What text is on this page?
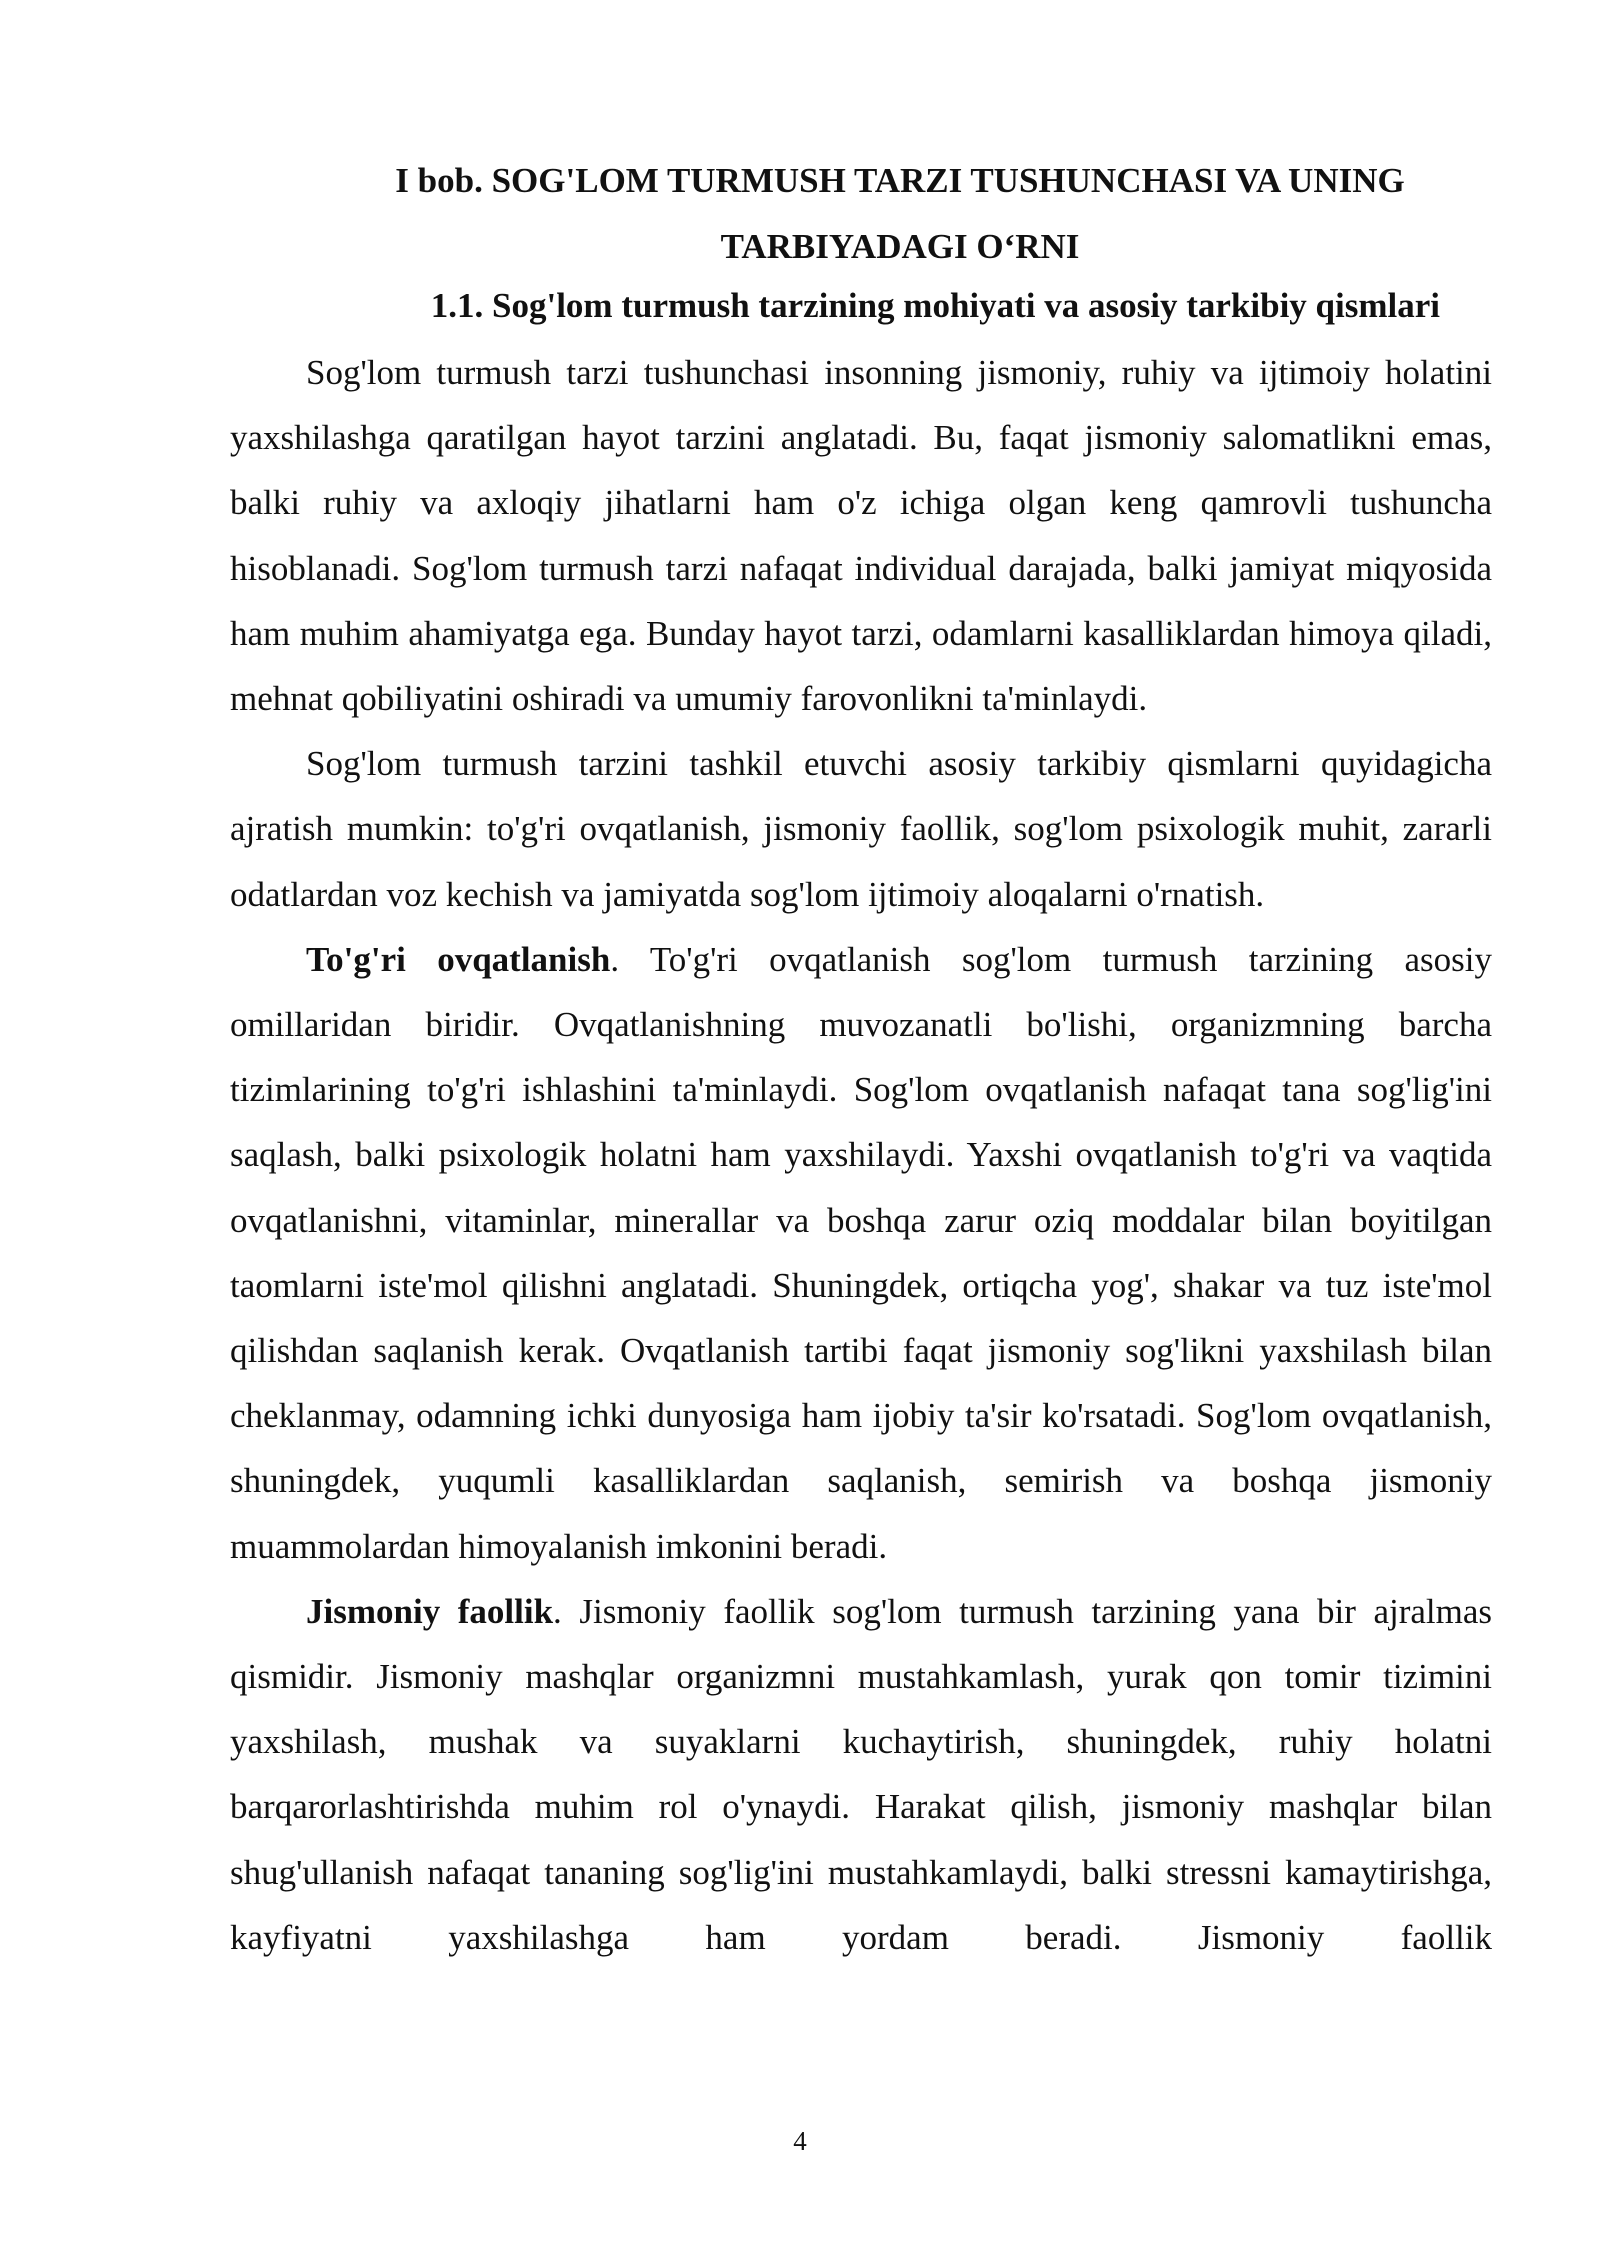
I bob. SOG'LOM TURMUSH TARZI TUSHUNCHASI VA UNING
TARBIYADAGI O‘RNI
1.1. Sog'lom turmush tarzining mohiyati va asosiy tarkibiy qismlari

Sog'lom turmush tarzi tushunchasi insonning jismoniy, ruhiy va ijtimoiy holatini yaxshilashga qaratilgan hayot tarzini anglatadi. Bu, faqat jismoniy salomatlikni emas, balki ruhiy va axloqiy jihatlarni ham o'z ichiga olgan keng qamrovli tushuncha hisoblanadi. Sog'lom turmush tarzi nafaqat individual darajada, balki jamiyat miqyosida ham muhim ahamiyatga ega. Bunday hayot tarzi, odamlarni kasalliklardan himoya qiladi, mehnat qobiliyatini oshiradi va umumiy farovonlikni ta'minlaydi.

Sog'lom turmush tarzini tashkil etuvchi asosiy tarkibiy qismlarni quyidagicha ajratish mumkin: to'g'ri ovqatlanish, jismoniy faollik, sog'lom psixologik muhit, zararli odatlardan voz kechish va jamiyatda sog'lom ijtimoiy aloqalarni o'rnatish.

To'g'ri ovqatlanish. To'g'ri ovqatlanish sog'lom turmush tarzining asosiy omillaridan biridir. Ovqatlanishning muvozanatli bo'lishi, organizmning barcha tizimlarining to'g'ri ishlashini ta'minlaydi. Sog'lom ovqatlanish nafaqat tana sog'lig'ini saqlash, balki psixologik holatni ham yaxshilaydi. Yaxshi ovqatlanish to'g'ri va vaqtida ovqatlanishni, vitaminlar, minerallar va boshqa zarur oziq moddalar bilan boyitilgan taomlarni iste'mol qilishni anglatadi. Shuningdek, ortiqcha yog', shakar va tuz iste'mol qilishdan saqlanish kerak. Ovqatlanish tartibi faqat jismoniy sog'likni yaxshilash bilan cheklanmay, odamning ichki dunyosiga ham ijobiy ta'sir ko'rsatadi. Sog'lom ovqatlanish, shuningdek, yuqumli kasalliklardan saqlanish, semirish va boshqa jismoniy muammolardan himoyalanish imkonini beradi.

Jismoniy faollik. Jismoniy faollik sog'lom turmush tarzining yana bir ajralmas qismidir. Jismoniy mashqlar organizmni mustahkamlash, yurak qon tomir tizimini yaxshilash, mushak va suyaklarni kuchaytirish, shuningdek, ruhiy holatni barqarorlashtirishda muhim rol o'ynaydi. Harakat qilish, jismoniy mashqlar bilan shug'ullanish nafaqat tananing sog'lig'ini mustahkamlaydi, balki stressni kamaytirishga, kayfiyatni yaxshilashga ham yordam beradi. Jismoniy faollik

4
